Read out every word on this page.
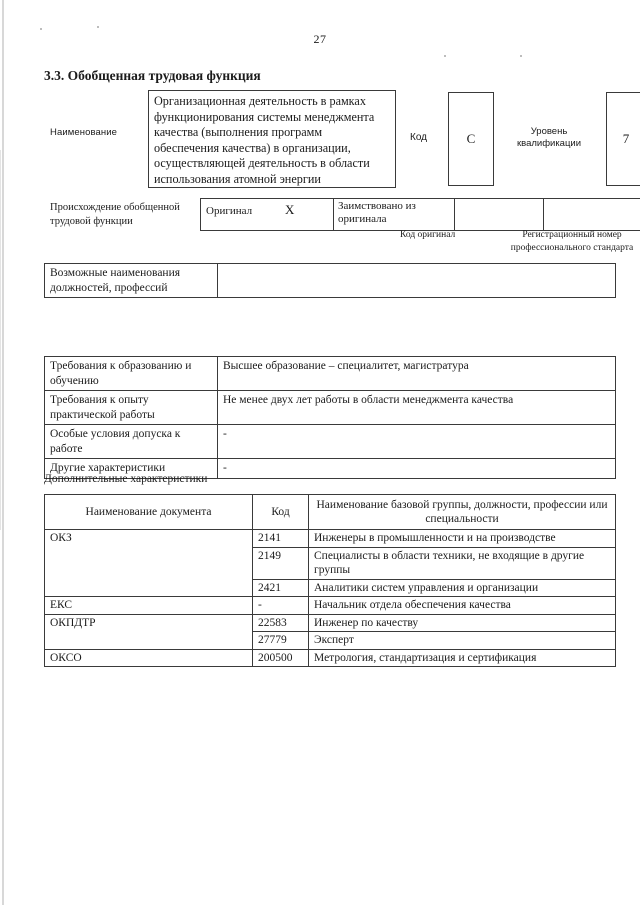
27
3.3. Обобщенная трудовая функция
Наименование
Организационная деятельность в рамках функционирования системы менеджмента качества (выполнения программ обеспечения качества) в организации, осуществляющей деятельность в области использования атомной энергии
Код	C	Уровень квалификации	7
Происхождение обобщенной трудовой функции
Оригинал	X	Заимствовано из оригинала		
Код оригинал	Регистрационный номер профессионального стандарта
Возможные наименования должностей, профессий	
Требования к образованию и обучению	Высшее образование – специалитет, магистратура
Требования к опыту практической работы	Не менее двух лет работы в области менеджмента качества
Особые условия допуска к работе	-
Другие характеристики	-
Дополнительные характеристики
Наименование документа	Код	Наименование базовой группы, должности, профессии или специальности
ОКЗ	2141	Инженеры в промышленности и на производстве
	2149	Специалисты в области техники, не входящие в другие группы
	2421	Аналитики систем управления и организации
ЕКС	-	Начальник отдела обеспечения качества
ОКПДТР	22583	Инженер по качеству
	27779	Эксперт
ОКСО	200500	Метрология, стандартизация и сертификация
